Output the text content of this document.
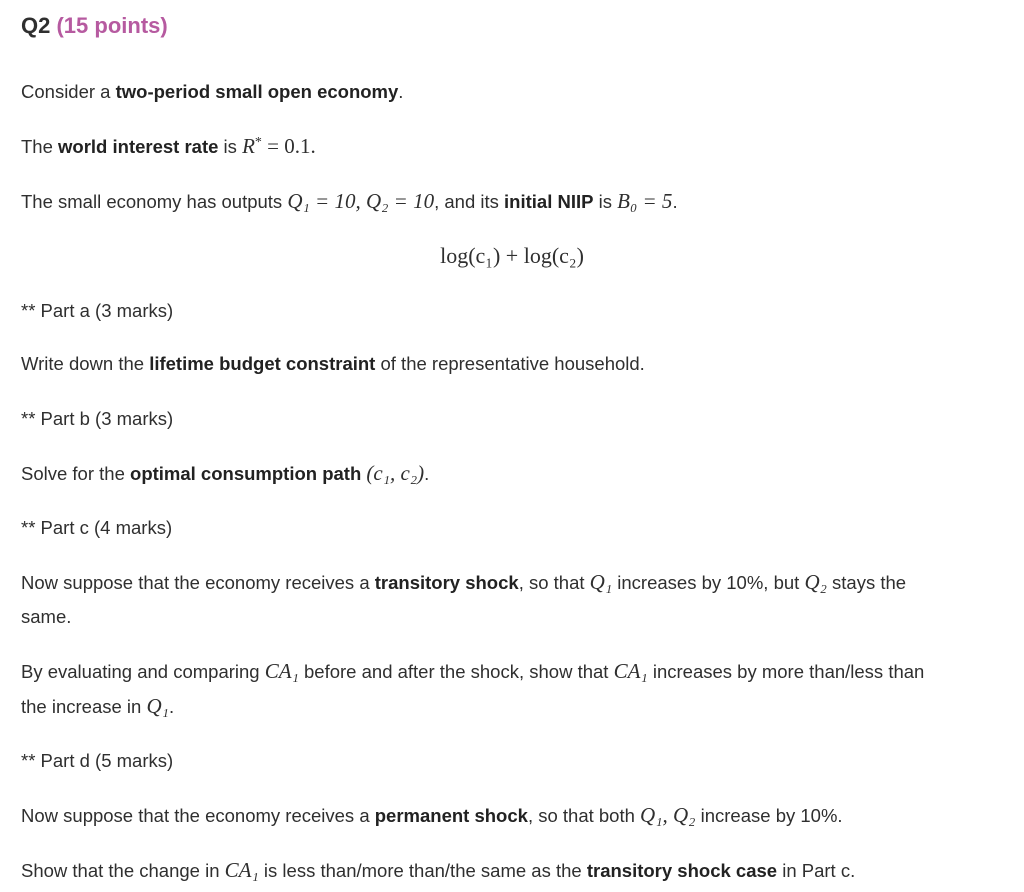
Q2 (15 points)
Consider a two-period small open economy.
The world interest rate is R* = 0.1.
The small economy has outputs Q₁ = 10, Q₂ = 10, and its initial NIIP is B₀ = 5.
log(c₁) + log(c₂)
** Part a (3 marks)
Write down the lifetime budget constraint of the representative household.
** Part b (3 marks)
Solve for the optimal consumption path (c₁, c₂).
** Part c (4 marks)
Now suppose that the economy receives a transitory shock, so that Q₁ increases by 10%, but Q₂ stays the
same.
By evaluating and comparing CA₁ before and after the shock, show that CA₁ increases by more than/less than
the increase in Q₁.
** Part d (5 marks)
Now suppose that the economy receives a permanent shock, so that both Q₁, Q₂ increase by 10%.
Show that the change in CA₁ is less than/more than/the same as the transitory shock case in Part c.
